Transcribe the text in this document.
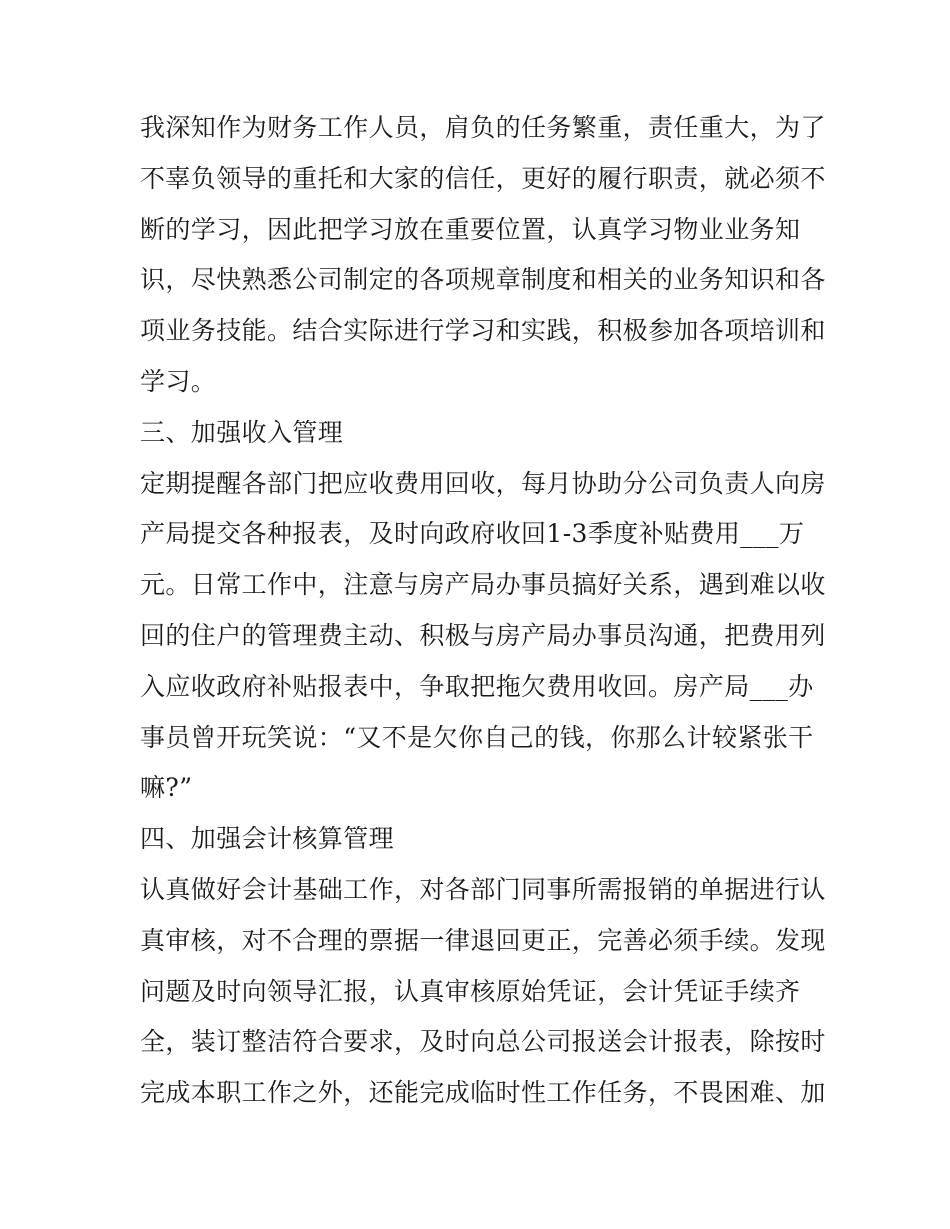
我深知作为财务工作人员，肩负的任务繁重，责任重大，为了
不辜负领导的重托和大家的信任，更好的履行职责，就必须不
断的学习，因此把学习放在重要位置，认真学习物业业务知
识，尽快熟悉公司制定的各项规章制度和相关的业务知识和各
项业务技能。结合实际进行学习和实践，积极参加各项培训和
学习。
三、加强收入管理
定期提醒各部门把应收费用回收，每月协助分公司负责人向房
产局提交各种报表，及时向政府收回1-3季度补贴费用___万
元。日常工作中，注意与房产局办事员搞好关系，遇到难以收
回的住户的管理费主动、积极与房产局办事员沟通，把费用列
入应收政府补贴报表中，争取把拖欠费用收回。房产局___办
事员曾开玩笑说：“又不是欠你自己的钱，你那么计较紧张干
嘛?”
四、加强会计核算管理
认真做好会计基础工作，对各部门同事所需报销的单据进行认
真审核，对不合理的票据一律退回更正，完善必须手续。发现
问题及时向领导汇报，认真审核原始凭证，会计凭证手续齐
全，装订整洁符合要求，及时向总公司报送会计报表，除按时
完成本职工作之外，还能完成临时性工作任务，不畏困难、加
